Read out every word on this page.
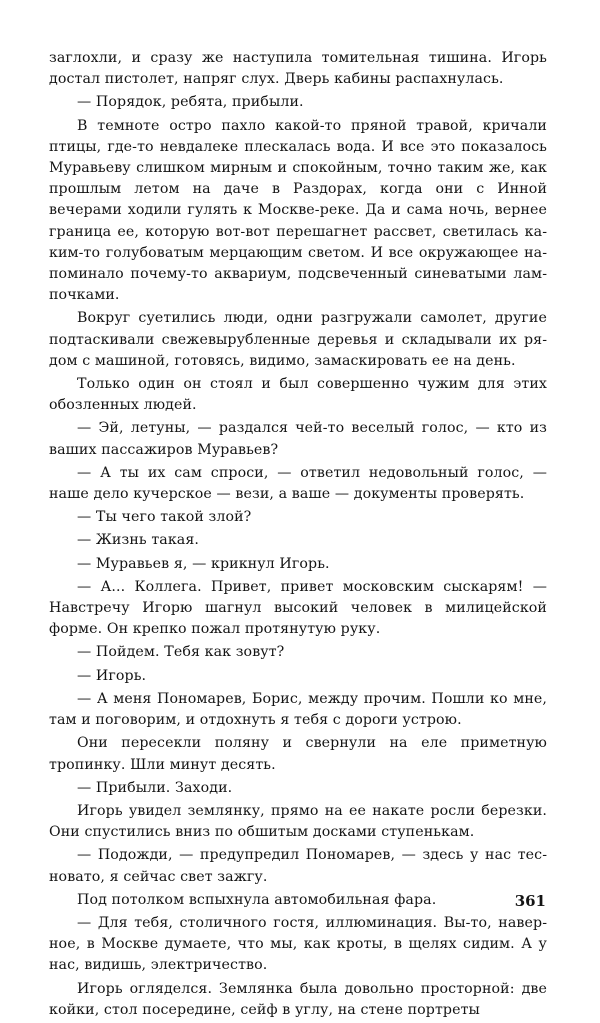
заглохли, и сразу же наступила томительная тишина. Игорь достал пистолет, напряг слух. Дверь кабины распахнулась.

— Порядок, ребята, прибыли.

В темноте остро пахло какой-то пряной травой, кричали птицы, где-то невдалеке плескалась вода. И все это показалось Муравьеву слишком мирным и спокойным, точно таким же, как прошлым летом на даче в Раздорах, когда они с Инной вечерами ходили гулять к Москве-реке. Да и сама ночь, вернее граница ее, которую вот-вот перешагнет рассвет, светилась каким-то голубоватым мерцающим светом. И все окружающее напоминало почему-то аквариум, подсвеченный синеватыми лампочками.

Вокруг суетились люди, одни разгружали самолет, другие подтаскивали свежевырубленные деревья и складывали их рядом с машиной, готовясь, видимо, замаскировать ее на день.

Только один он стоял и был совершенно чужим для этих обозленных людей.

— Эй, летуны, — раздался чей-то веселый голос, — кто из ваших пассажиров Муравьев?

— А ты их сам спроси, — ответил недовольный голос, — наше дело кучерское — вези, а ваше — документы проверять.

— Ты чего такой злой?

— Жизнь такая.

— Муравьев я, — крикнул Игорь.

— А... Коллега. Привет, привет московским сыскарям! — Навстречу Игорю шагнул высокий человек в милицейской форме. Он крепко пожал протянутую руку.

— Пойдем. Тебя как зовут?

— Игорь.

— А меня Пономарев, Борис, между прочим. Пошли ко мне, там и поговорим, и отдохнуть я тебя с дороги устрою.

Они пересекли поляну и свернули на еле приметную тропинку. Шли минут десять.

— Прибыли. Заходи.

Игорь увидел землянку, прямо на ее накате росли березки. Они спустились вниз по обшитым досками ступенькам.

— Подожди, — предупредил Пономарев, — здесь у нас тесновато, я сейчас свет зажгу.

Под потолком вспыхнула автомобильная фара.

— Для тебя, столичного гостя, иллюминация. Вы-то, наверное, в Москве думаете, что мы, как кроты, в щелях сидим. А у нас, видишь, электричество.

Игорь огляделся. Землянка была довольно просторной: две койки, стол посередине, сейф в углу, на стене портреты

361
